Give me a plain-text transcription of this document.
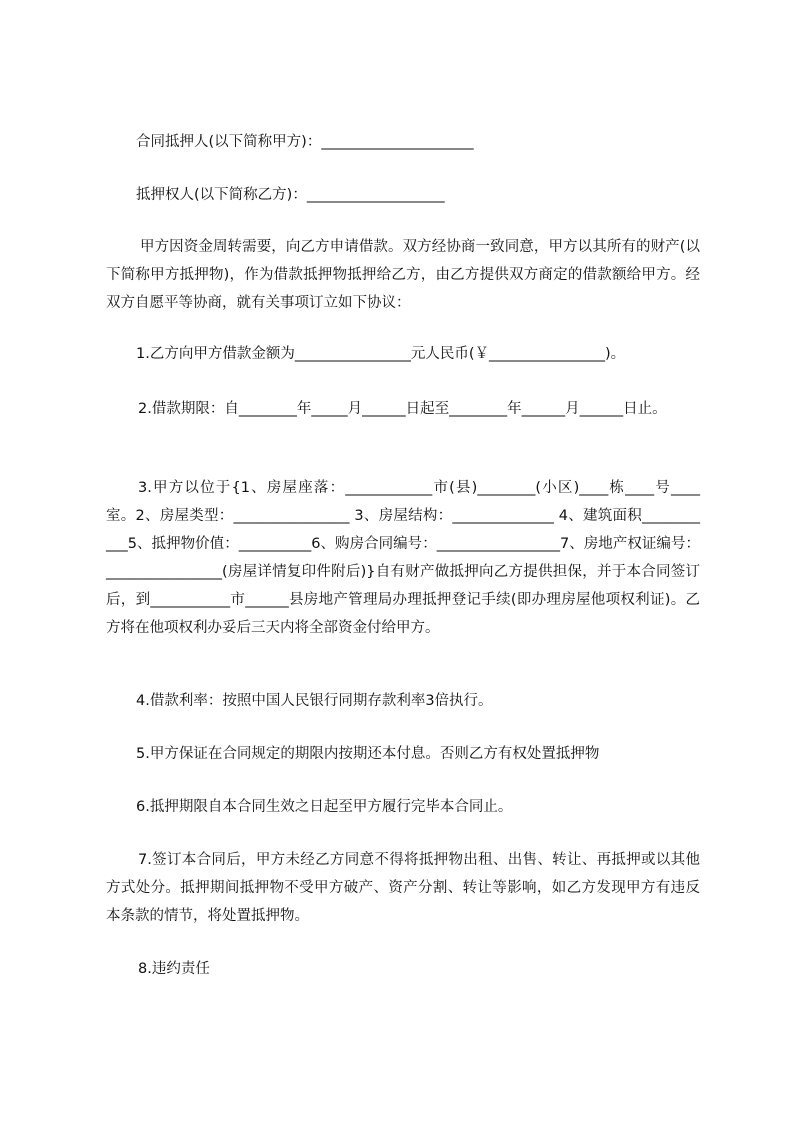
合同抵押人(以下简称甲方)：_____________________

抵押权人(以下简称乙方)：___________________

甲方因资金周转需要，向乙方申请借款。双方经协商一致同意，甲方以其所有的财产(以下简称甲方抵押物)，作为借款抵押物抵押给乙方，由乙方提供双方商定的借款额给甲方。经双方自愿平等协商，就有关事项订立如下协议：

1.乙方向甲方借款金额为________________元人民币(￥________________)。

2.借款期限：自________年_____月______日起至________年______月______日止。

3.甲方以位于{1、房屋座落：____________市(县)________(小区)____栋____号____室。2、房屋类型：________________ 3、房屋结构：______________ 4、建筑面积___________5、抵押物价值：__________6、购房合同编号：_________________7、房地产权证编号：________________(房屋详情复印件附后)}自有财产做抵押向乙方提供担保，并于本合同签订后，到___________市______县房地产管理局办理抵押登记手续(即办理房屋他项权利证)。乙方将在他项权利办妥后三天内将全部资金付给甲方。

4.借款利率：按照中国人民银行同期存款利率3倍执行。

5.甲方保证在合同规定的期限内按期还本付息。否则乙方有权处置抵押物

6.抵押期限自本合同生效之日起至甲方履行完毕本合同止。

7.签订本合同后，甲方未经乙方同意不得将抵押物出租、出售、转让、再抵押或以其他方式处分。抵押期间抵押物不受甲方破产、资产分割、转让等影响，如乙方发现甲方有违反本条款的情节，将处置抵押物。

8.违约责任
